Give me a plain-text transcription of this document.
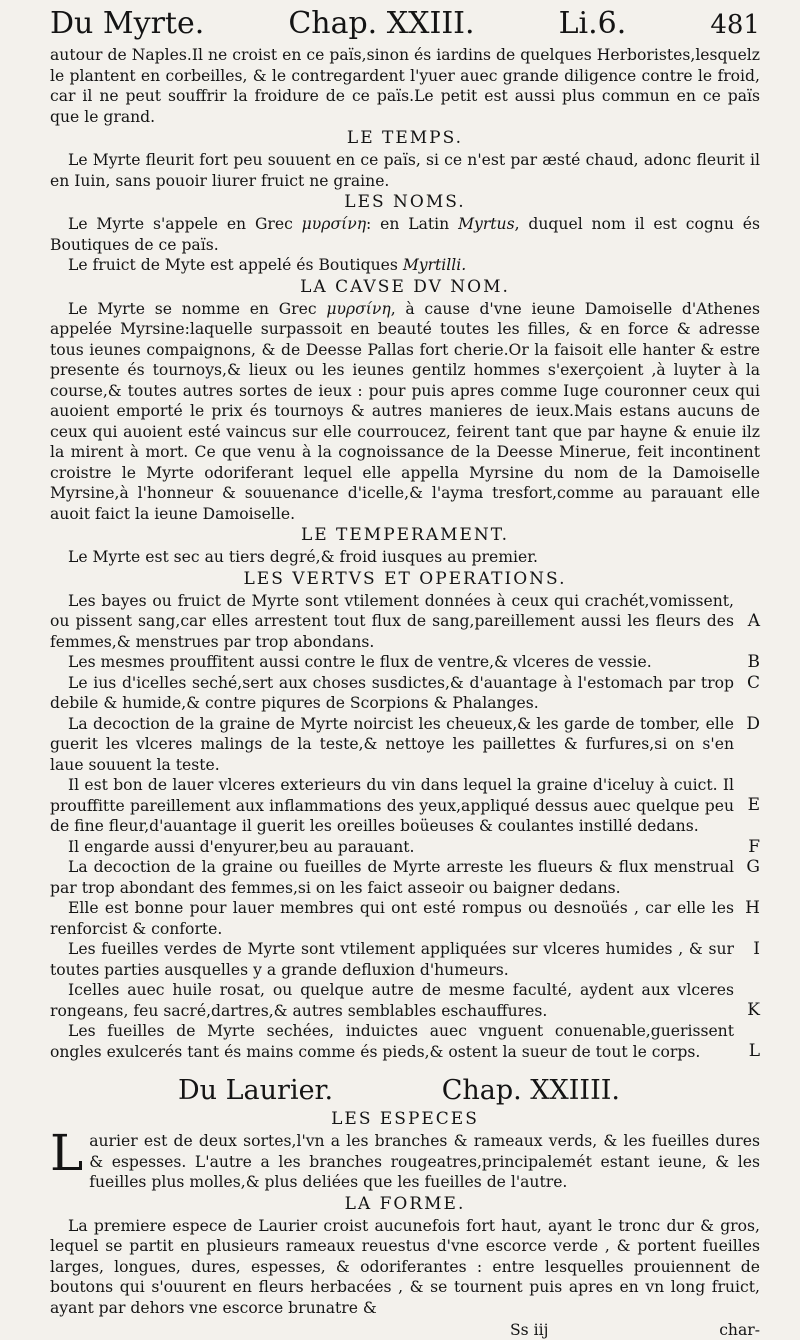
Du Myrte.	Chap. XXIII.	Li.6.	481

autour de Naples.Il ne croist en ce païs,sinon és iardins de quelques Herboristes,lesquelz le plantent en corbeilles, & le contregardent l'yuer auec grande diligence contre le froid, car il ne peut souffrir la froidure de ce païs.Le petit est aussi plus commun en ce païs que le grand.

LE TEMPS.

Le Myrte fleurit fort peu souuent en ce païs, si ce n'est par æsté chaud, adonc fleurit il en Iuin, sans pouoir liurer fruict ne graine.

LES NOMS.

Le Myrte s'appele en Grec μυρσίνη: en Latin Myrtus, duquel nom il est cognu és Boutiques de ce païs.

Le fruict de Myte est appelé és Boutiques Myrtilli.

LA CAVSE DV NOM.

Le Myrte se nomme en Grec μυρσίνη, à cause d'vne ieune Damoiselle d'Athenes appelée Myrsine:laquelle surpassoit en beauté toutes les filles, & en force & adresse tous ieunes compaignons, & de Deesse Pallas fort cherie.Or la faisoit elle hanter & estre presente és tournoys,& lieux ou les ieunes gentilz hommes s'exerçoient ,à luyter à la course,& toutes autres sortes de ieux : pour puis apres comme Iuge couronner ceux qui auoient emporté le prix és tournoys & autres manieres de ieux.Mais estans aucuns de ceux qui auoient esté vaincus sur elle courroucez, feirent tant que par hayne & enuie ilz la mirent à mort. Ce que venu à la cognoissance de la Deesse Minerue, feit incontinent croistre le Myrte odoriferant lequel elle appella Myrsine du nom de la Damoiselle Myrsine,à l'honneur & souuenance d'icelle,& l'ayma tresfort,comme au parauant elle auoit faict la ieune Damoiselle.

LE TEMPERAMENT.

Le Myrte est sec au tiers degré,& froid iusques au premier.

LES VERTVS ET OPERATIONS.

Les bayes ou fruict de Myrte sont vtilement données à ceux qui crachét,vomissent, ou pissent sang,car elles arrestent tout flux de sang,pareillement aussi les fleurs des femmes,& menstrues par trop abondans.

A

Les mesmes prouffitent aussi contre le flux de ventre,& vlceres de vessie.	B

Le ius d'icelles seché,sert aux choses susdictes,& d'auantage à l'estomach par trop debile & humide,& contre piqures de Scorpions & Phalanges.

C

La decoction de la graine de Myrte noircist les cheueux,& les garde de tomber, elle guerit les vlceres malings de la teste,& nettoye les paillettes & furfures,si on s'en laue souuent la teste.

D

Il est bon de lauer vlceres exterieurs du vin dans lequel la graine d'iceluy à cuict. Il prouffitte pareillement aux inflammations des yeux,appliqué dessus auec quelque peu de fine fleur,d'auantage il guerit les oreilles boüeuses & coulantes instillé dedans.

E

Il engarde aussi d'enyurer,beu au parauant.	F

La decoction de la graine ou fueilles de Myrte arreste les flueurs & flux menstrual par trop abondant des femmes,si on les faict asseoir ou baigner dedans.

G

Elle est bonne pour lauer membres qui ont esté rompus ou desnoüés , car elle les renforcist & conforte.

H

Les fueilles verdes de Myrte sont vtilement appliquées sur vlceres humides , & sur toutes parties ausquelles y a grande defluxion d'humeurs.

I

Icelles auec huile rosat, ou quelque autre de mesme faculté, aydent aux vlceres rongeans, feu sacré,dartres,& autres semblables eschauffures.	K

Les fueilles de Myrte sechées, induictes auec vnguent conuenable,guerissent ongles exulcerés tant és mains comme és pieds,& ostent la sueur de tout le corps.	L
Du Laurier.	Chap. XXIIII.
LES ESPECES

Laurier est de deux sortes,l'vn a les branches & rameaux verds, & les fueilles dures & espesses. L'autre a les branches rougeatres,principalemét estant ieune, & les fueilles plus molles,& plus deliées que les fueilles de l'autre.

LA FORME.

La premiere espece de Laurier croist aucunefois fort haut, ayant le tronc dur & gros, lequel se partit en plusieurs rameaux reuestus d'vne escorce verde , & portent fueilles larges, longues, dures, espesses, & odoriferantes : entre lesquelles prouiennent de boutons qui s'ouurent en fleurs herbacées , & se tournent puis apres en vn long fruict, ayant par dehors vne escorce brunatre &

Ss iij	char-
